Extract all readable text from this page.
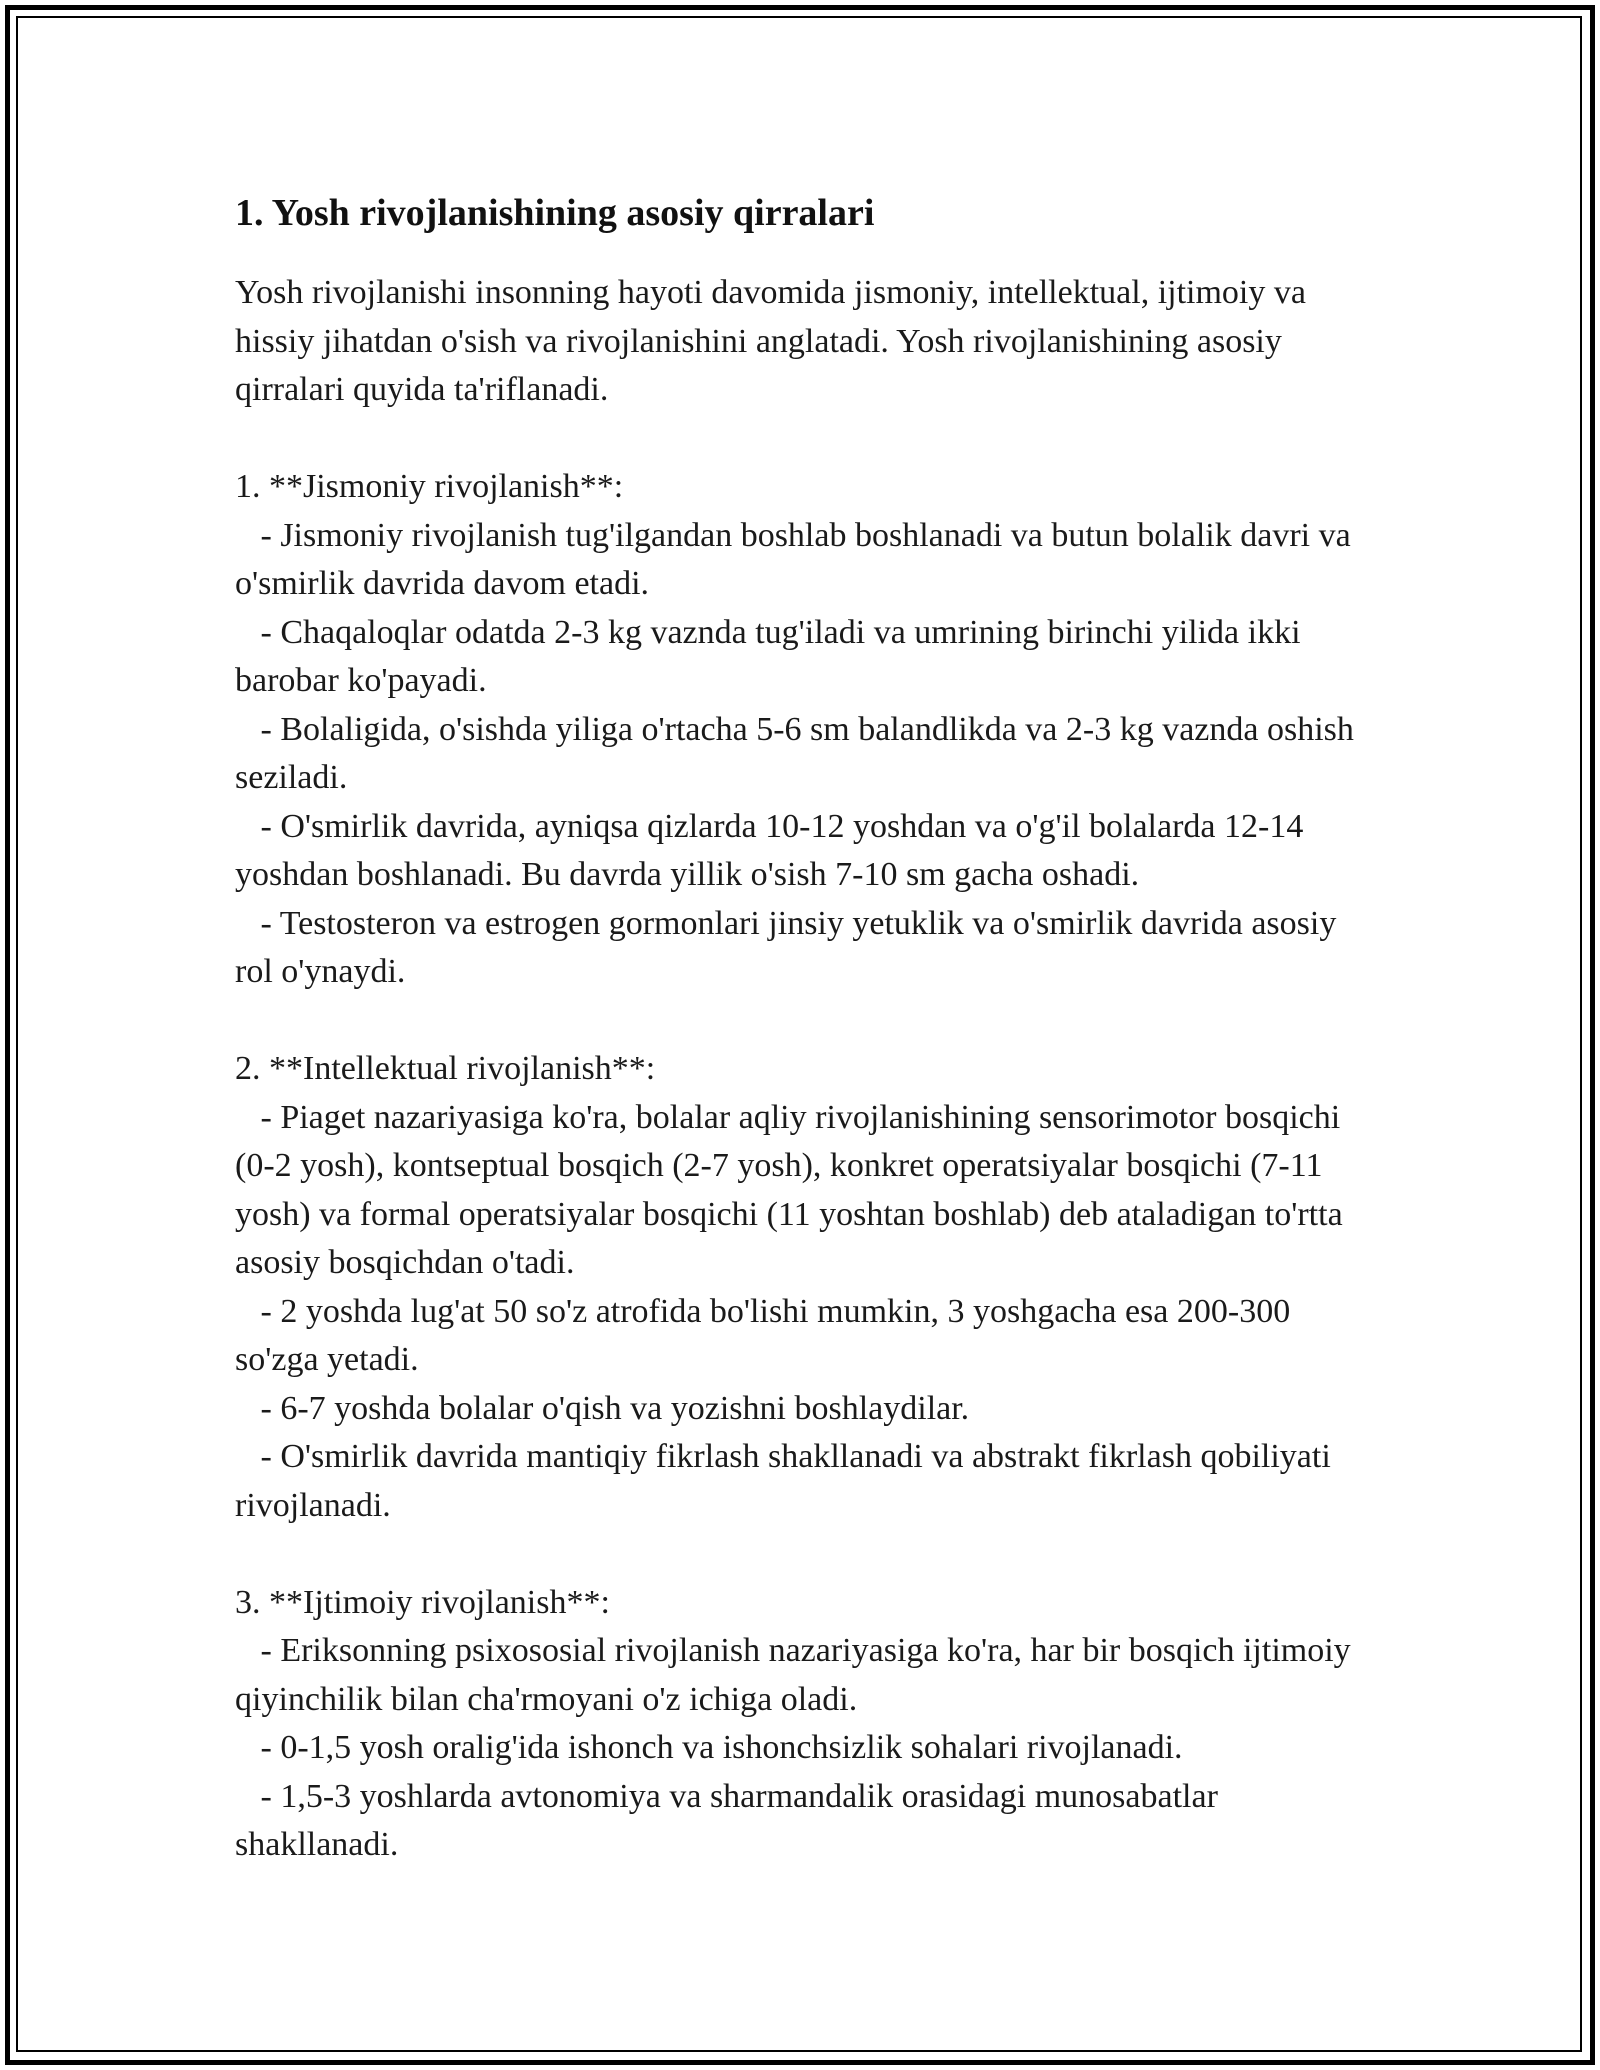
1. Yosh rivojlanishining asosiy qirralari

Yosh rivojlanishi insonning hayoti davomida jismoniy, intellektual, ijtimoiy va hissiy jihatdan o'sish va rivojlanishini anglatadi. Yosh rivojlanishining asosiy qirralari quyida ta'riflanadi.

1. **Jismoniy rivojlanish**:

- Jismoniy rivojlanish tug'ilgandan boshlab boshlanadi va butun bolalik davri va o'smirlik davrida davom etadi.

- Chaqaloqlar odatda 2-3 kg vaznda tug'iladi va umrining birinchi yilida ikki barobar ko'payadi.

- Bolaligida, o'sishda yiliga o'rtacha 5-6 sm balandlikda va 2-3 kg vaznda oshish seziladi.

- O'smirlik davrida, ayniqsa qizlarda 10-12 yoshdan va o'g'il bolalarda 12-14 yoshdan boshlanadi. Bu davrda yillik o'sish 7-10 sm gacha oshadi.

- Testosteron va estrogen gormonlari jinsiy yetuklik va o'smirlik davrida asosiy rol o'ynaydi.

2. **Intellektual rivojlanish**:

- Piaget nazariyasiga ko'ra, bolalar aqliy rivojlanishining sensorimotor bosqichi (0-2 yosh), kontseptual bosqich (2-7 yosh), konkret operatsiyalar bosqichi (7-11 yosh) va formal operatsiyalar bosqichi (11 yoshtan boshlab) deb ataladigan to'rtta asosiy bosqichdan o'tadi.

- 2 yoshda lug'at 50 so'z atrofida bo'lishi mumkin, 3 yoshgacha esa 200-300 so'zga yetadi.

- 6-7 yoshda bolalar o'qish va yozishni boshlaydilar.

- O'smirlik davrida mantiqiy fikrlash shakllanadi va abstrakt fikrlash qobiliyati rivojlanadi.

3. **Ijtimoiy rivojlanish**:

- Eriksonning psixososial rivojlanish nazariyasiga ko'ra, har bir bosqich ijtimoiy qiyinchilik bilan cha'rmoyani o'z ichiga oladi.

- 0-1,5 yosh oralig'ida ishonch va ishonchsizlik sohalari rivojlanadi.

- 1,5-3 yoshlarda avtonomiya va sharmandalik orasidagi munosabatlar shakllanadi.
